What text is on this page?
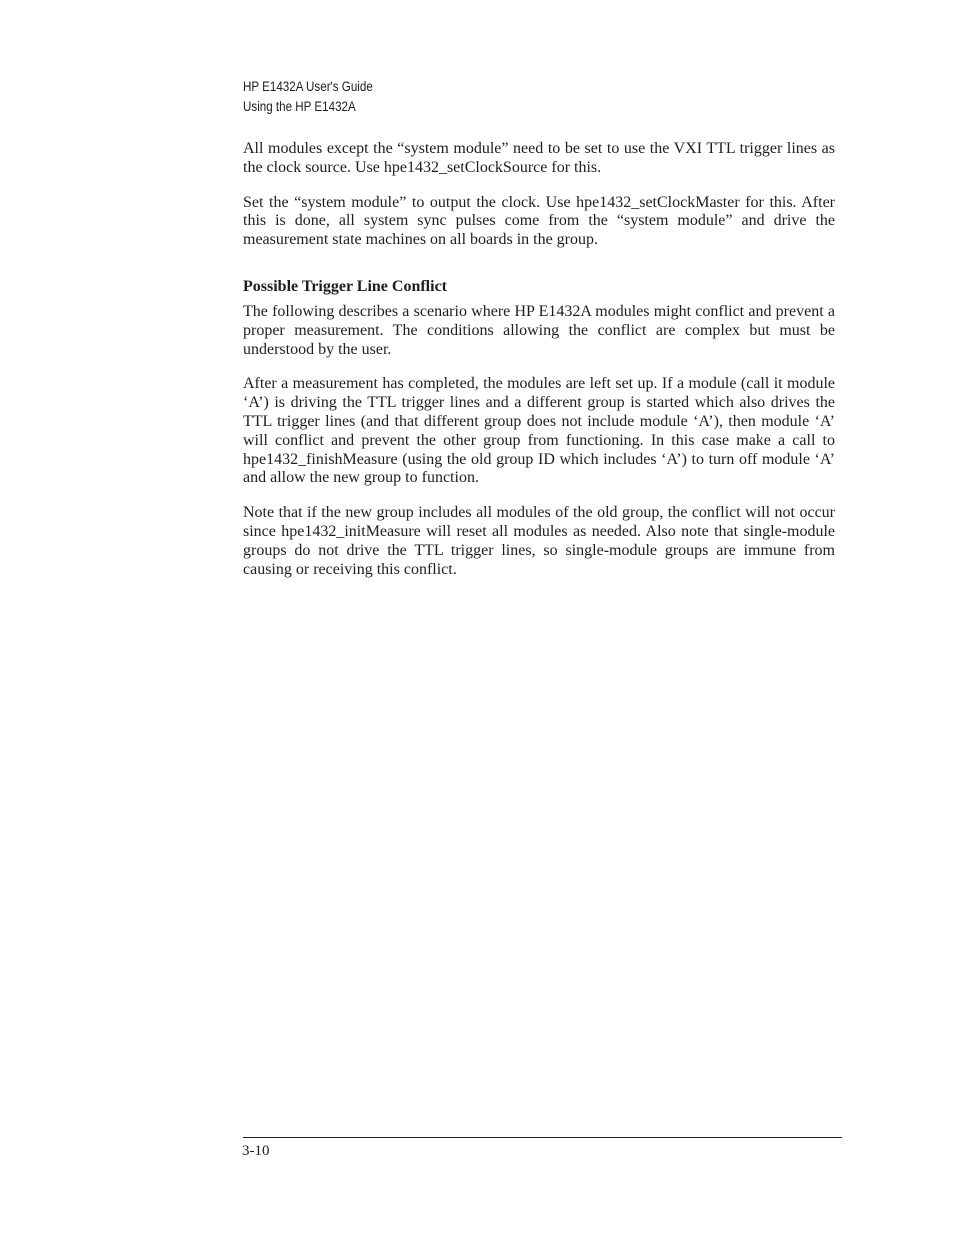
HP E1432A User's Guide
Using the HP E1432A

All modules except the “system module” need to be set to use the VXI TTL trigger lines as the clock source. Use hpe1432_setClockSource for this.

Set the “system module” to output the clock. Use hpe1432_setClockMaster for this. After this is done, all system sync pulses come from the “system module” and drive the measurement state machines on all boards in the group.

Possible Trigger Line Conflict

The following describes a scenario where HP E1432A modules might conflict and prevent a proper measurement. The conditions allowing the conflict are complex but must be understood by the user.

After a measurement has completed, the modules are left set up. If a module (call it module ‘A’) is driving the TTL trigger lines and a different group is started which also drives the TTL trigger lines (and that different group does not include module ‘A’), then module ‘A’ will conflict and prevent the other group from functioning. In this case make a call to hpe1432_finishMeasure (using the old group ID which includes ‘A’) to turn off module ‘A’ and allow the new group to function.

Note that if the new group includes all modules of the old group, the conflict will not occur since hpe1432_initMeasure will reset all modules as needed. Also note that single-module groups do not drive the TTL trigger lines, so single-module groups are immune from causing or receiving this conflict.

3-10
